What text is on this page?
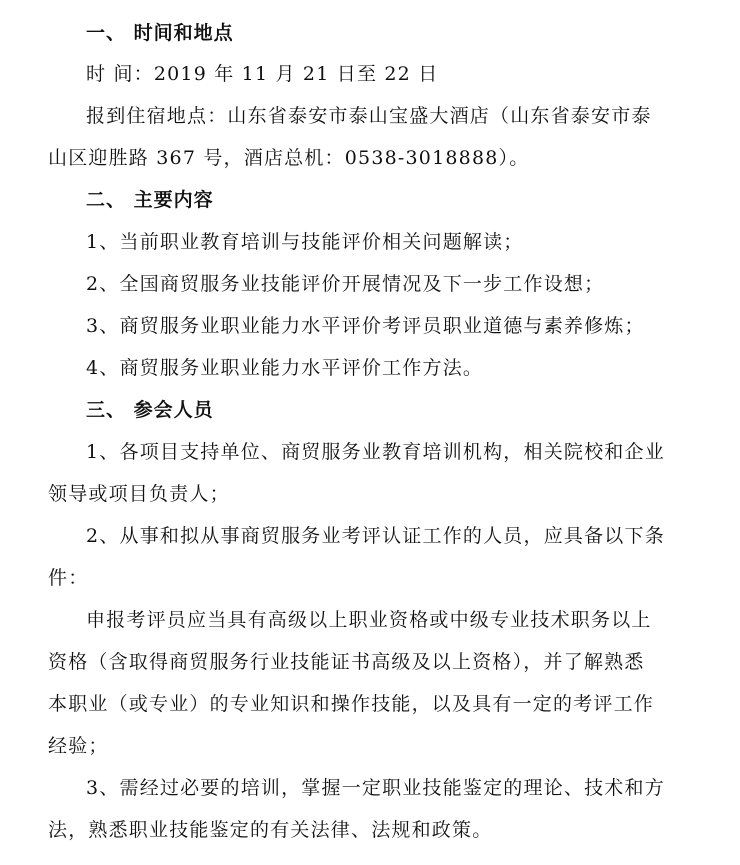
一、 时间和地点
时 间：2019 年 11 月 21 日至 22 日
报到住宿地点：山东省泰安市泰山宝盛大酒店（山东省泰安市泰
山区迎胜路 367 号，酒店总机：0538-3018888）。
二、 主要内容
1、当前职业教育培训与技能评价相关问题解读；
2、全国商贸服务业技能评价开展情况及下一步工作设想；
3、商贸服务业职业能力水平评价考评员职业道德与素养修炼；
4、商贸服务业职业能力水平评价工作方法。
三、 参会人员
1、各项目支持单位、商贸服务业教育培训机构，相关院校和企业
领导或项目负责人；
2、从事和拟从事商贸服务业考评认证工作的人员，应具备以下条
件：
申报考评员应当具有高级以上职业资格或中级专业技术职务以上
资格（含取得商贸服务行业技能证书高级及以上资格），并了解熟悉
本职业（或专业）的专业知识和操作技能，以及具有一定的考评工作
经验；
3、需经过必要的培训，掌握一定职业技能鉴定的理论、技术和方
法，熟悉职业技能鉴定的有关法律、法规和政策。
